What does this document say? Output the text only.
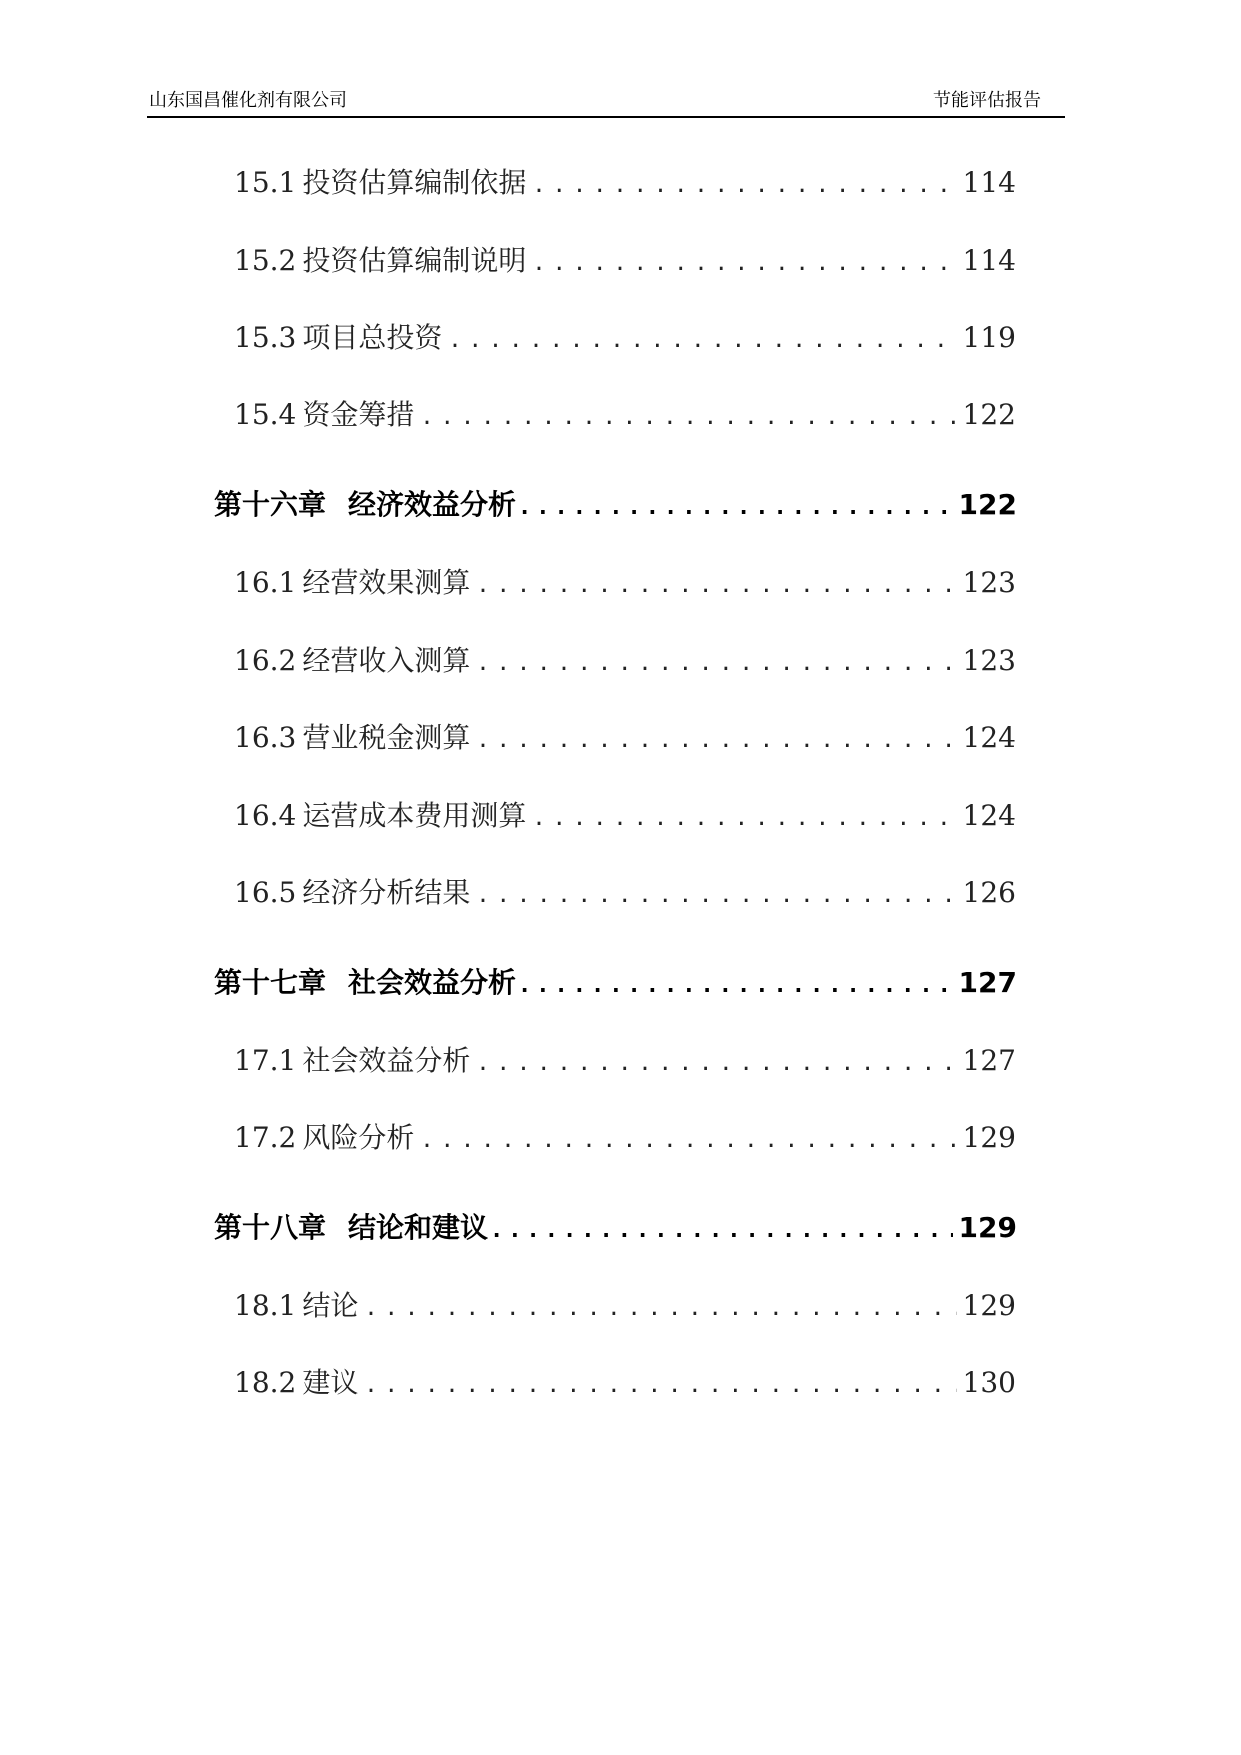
山东国昌催化剂有限公司	节能评估报告
15.1 投资估算编制依据 .....	114
15.2 投资估算编制说明 .....	114
15.3 项目总投资 .....	119
15.4 资金筹措 .....	122
第十六章 经济效益分析 .....	122
16.1 经营效果测算 .....	123
16.2 经营收入测算 .....	123
16.3 营业税金测算 .....	124
16.4 运营成本费用测算 .....	124
16.5 经济分析结果 .....	126
第十七章 社会效益分析 .....	127
17.1 社会效益分析 .....	127
17.2 风险分析 .....	129
第十八章 结论和建议 .....	129
18.1 结论 .....	129
18.2 建议 .....	130
